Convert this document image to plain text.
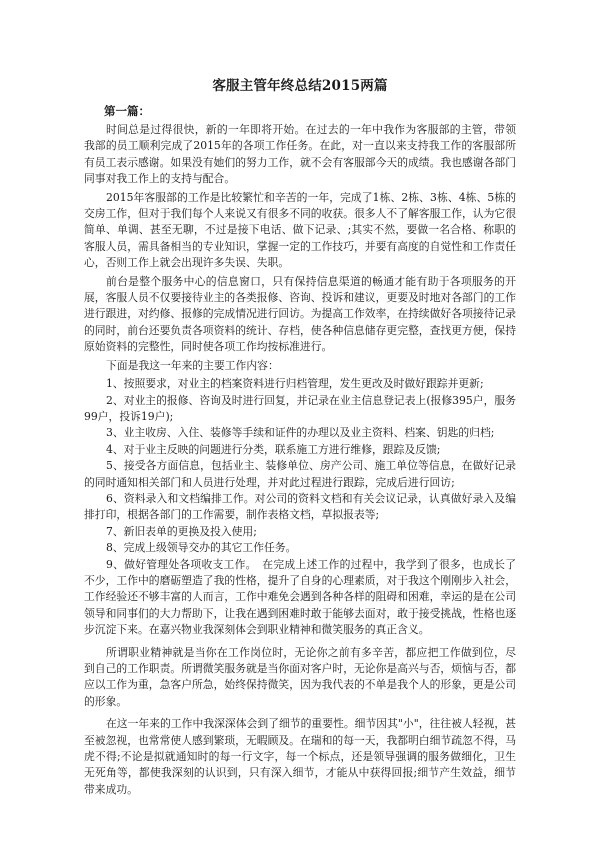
客服主管年终总结2015两篇
第一篇：

时间总是过得很快，新的一年即将开始。在过去的一年中我作为客服部的主管，带领我部的员工顺利完成了2015年的各项工作任务。在此，对一直以来支持我工作的客服部所有员工表示感谢。如果没有她们的努力工作，就不会有客服部今天的成绩。我也感谢各部门同事对我工作上的支持与配合。

2015年客服部的工作是比较繁忙和辛苦的一年，完成了1栋、2栋、3栋、4栋、5栋的交房工作，但对于我们每个人来说又有很多不同的收获。很多人不了解客服工作，认为它很简单、单调、甚至无聊，不过是接下电话、做下记录、;其实不然，要做一名合格、称职的客服人员，需具备相当的专业知识，掌握一定的工作技巧，并要有高度的自觉性和工作责任心，否则工作上就会出现许多失误、失职。

前台是整个服务中心的信息窗口，只有保持信息渠道的畅通才能有助于各项服务的开展，客服人员不仅要接待业主的各类报修、咨询、投诉和建议，更要及时地对各部门的工作进行跟进，对约修、报修的完成情况进行回访。为提高工作效率，在持续做好各项接待记录的同时，前台还要负责各项资料的统计、存档，使各种信息储存更完整，查找更方便，保持原始资料的完整性，同时使各项工作均按标准进行。

下面是我这一年来的主要工作内容：

1、按照要求，对业主的档案资料进行归档管理，发生更改及时做好跟踪并更新;

2、对业主的报修、咨询及时进行回复，并记录在业主信息登记表上(报修395户，服务99户，投诉19户);

3、业主收房、入住、装修等手续和证件的办理以及业主资料、档案、钥匙的归档;

4、对于业主反映的问题进行分类，联系施工方进行维修，跟踪及反馈;

5、接受各方面信息，包括业主、装修单位、房产公司、施工单位等信息，在做好记录的同时通知相关部门和人员进行处理，并对此过程进行跟踪，完成后进行回访;

6、资料录入和文档编排工作。对公司的资料文档和有关会议记录，认真做好录入及编排打印，根据各部门的工作需要，制作表格文档，草拟报表等;

7、新旧表单的更换及投入使用;

8、完成上级领导交办的其它工作任务。

9、做好管理处各项收支工作。　在完成上述工作的过程中，我学到了很多，也成长了不少，工作中的磨砺塑造了我的性格，提升了自身的心理素质，对于我这个刚刚步入社会，工作经验还不够丰富的人而言，工作中难免会遇到各种各样的阻碍和困难，幸运的是在公司领导和同事们的大力帮助下，让我在遇到困难时敢于能够去面对，敢于接受挑战，性格也逐步沉淀下来。在嘉兴物业我深刻体会到职业精神和微笑服务的真正含义。

所谓职业精神就是当你在工作岗位时，无论你之前有多辛苦，都应把工作做到位，尽到自己的工作职责。所谓微笑服务就是当你面对客户时，无论你是高兴与否，烦恼与否，都应以工作为重，急客户所急，始终保持微笑，因为我代表的不单是我个人的形象，更是公司的形象。

在这一年来的工作中我深深体会到了细节的重要性。细节因其"小"，往往被人轻视，甚至被忽视，也常常使人感到繁琐，无暇顾及。在瑞和的每一天，我都明白细节疏忽不得，马虎不得;不论是拟就通知时的每一行文字，每一个标点，还是领导强调的服务做细化，卫生无死角等，都使我深刻的认识到，只有深入细节，才能从中获得回报;细节产生效益，细节带来成功。
